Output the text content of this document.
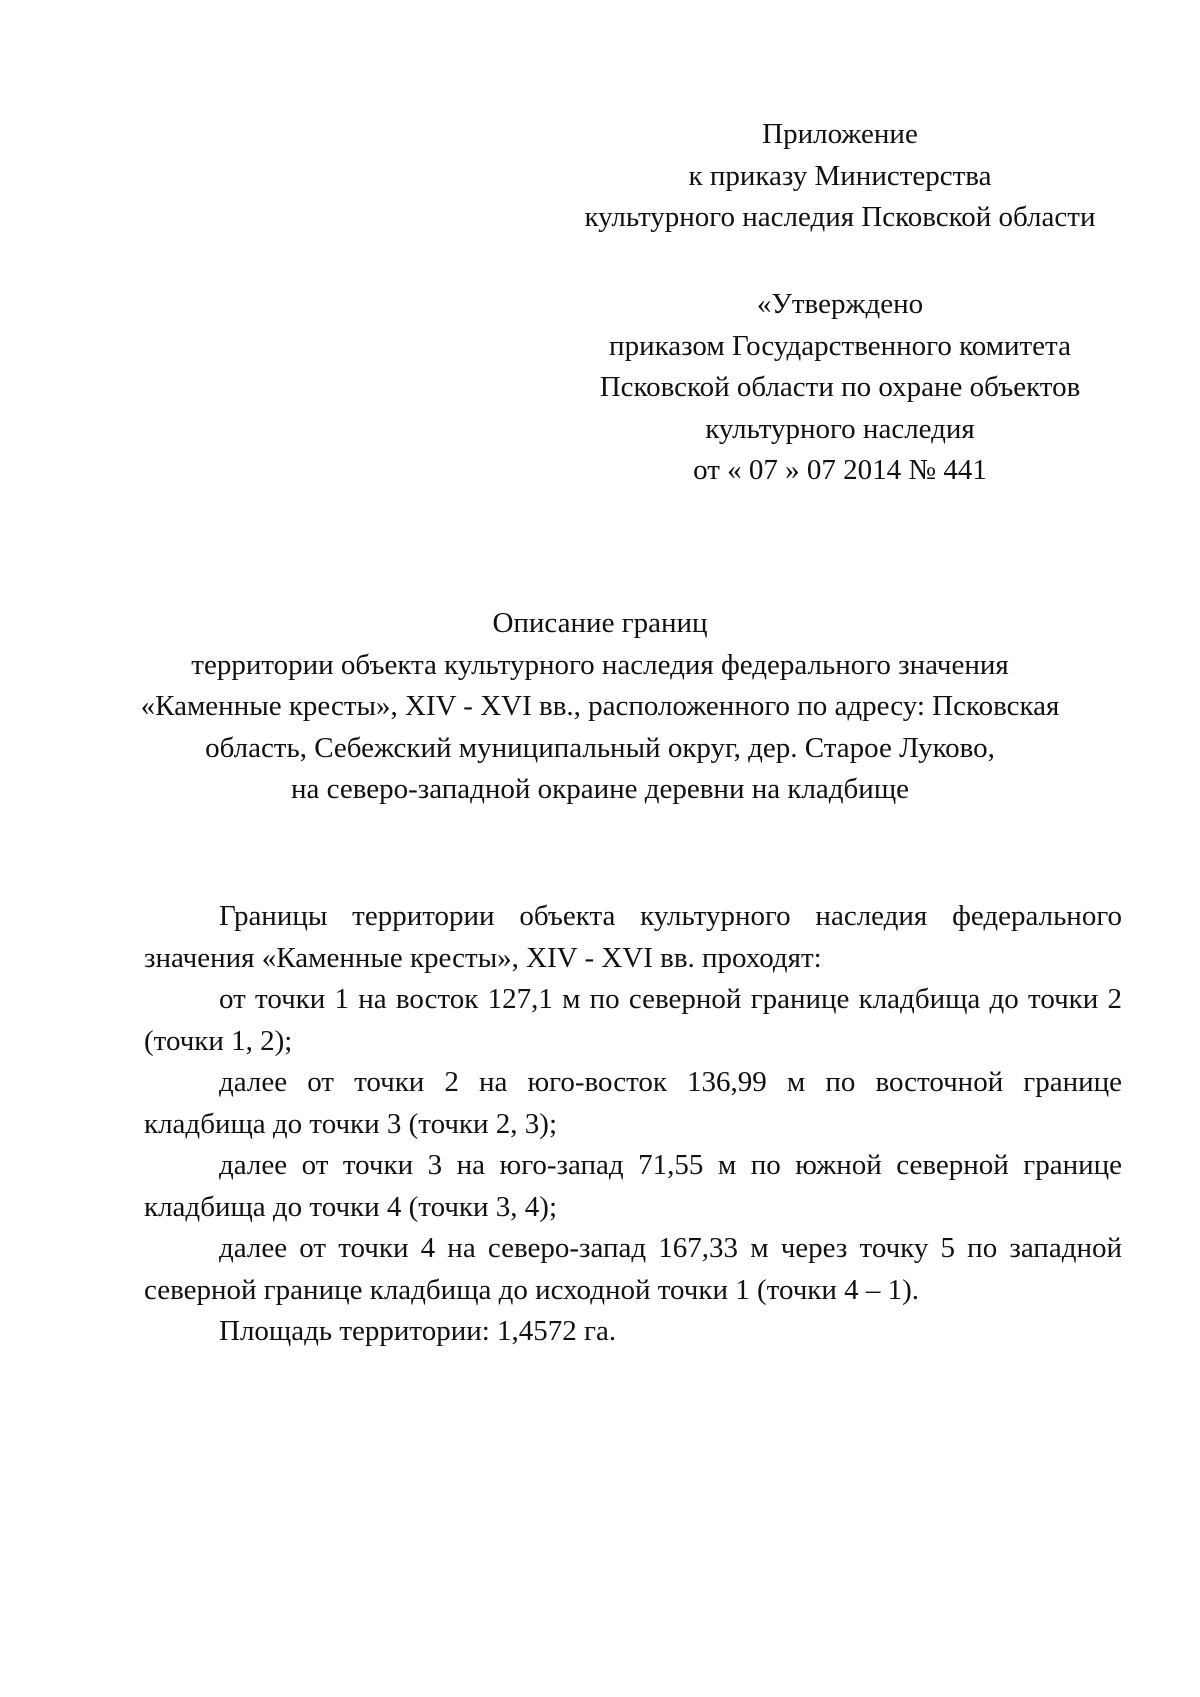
Приложение
к приказу Министерства
культурного наследия Псковской области
«Утверждено
приказом Государственного комитета
Псковской области по охране объектов
культурного наследия
от « 07 » 07 2014 № 441
Описание границ
территории объекта культурного наследия федерального значения
«Каменные кресты», XIV - XVI вв., расположенного по адресу: Псковская
область, Себежский муниципальный округ, дер. Старое Луково,
на северо-западной окраине деревни на кладбище

Границы территории объекта культурного наследия федерального значения «Каменные кресты», XIV - XVI вв. проходят:

от точки 1 на восток 127,1 м по северной границе кладбища до точки 2 (точки 1, 2);

далее от точки 2 на юго-восток 136,99 м по восточной границе кладбища до точки 3 (точки 2, 3);

далее от точки 3 на юго-запад 71,55 м по южной северной границе кладбища до точки 4 (точки 3, 4);

далее от точки 4 на северо-запад 167,33 м через точку 5 по западной северной границе кладбища до исходной точки 1 (точки 4 – 1).

Площадь территории: 1,4572 га.
